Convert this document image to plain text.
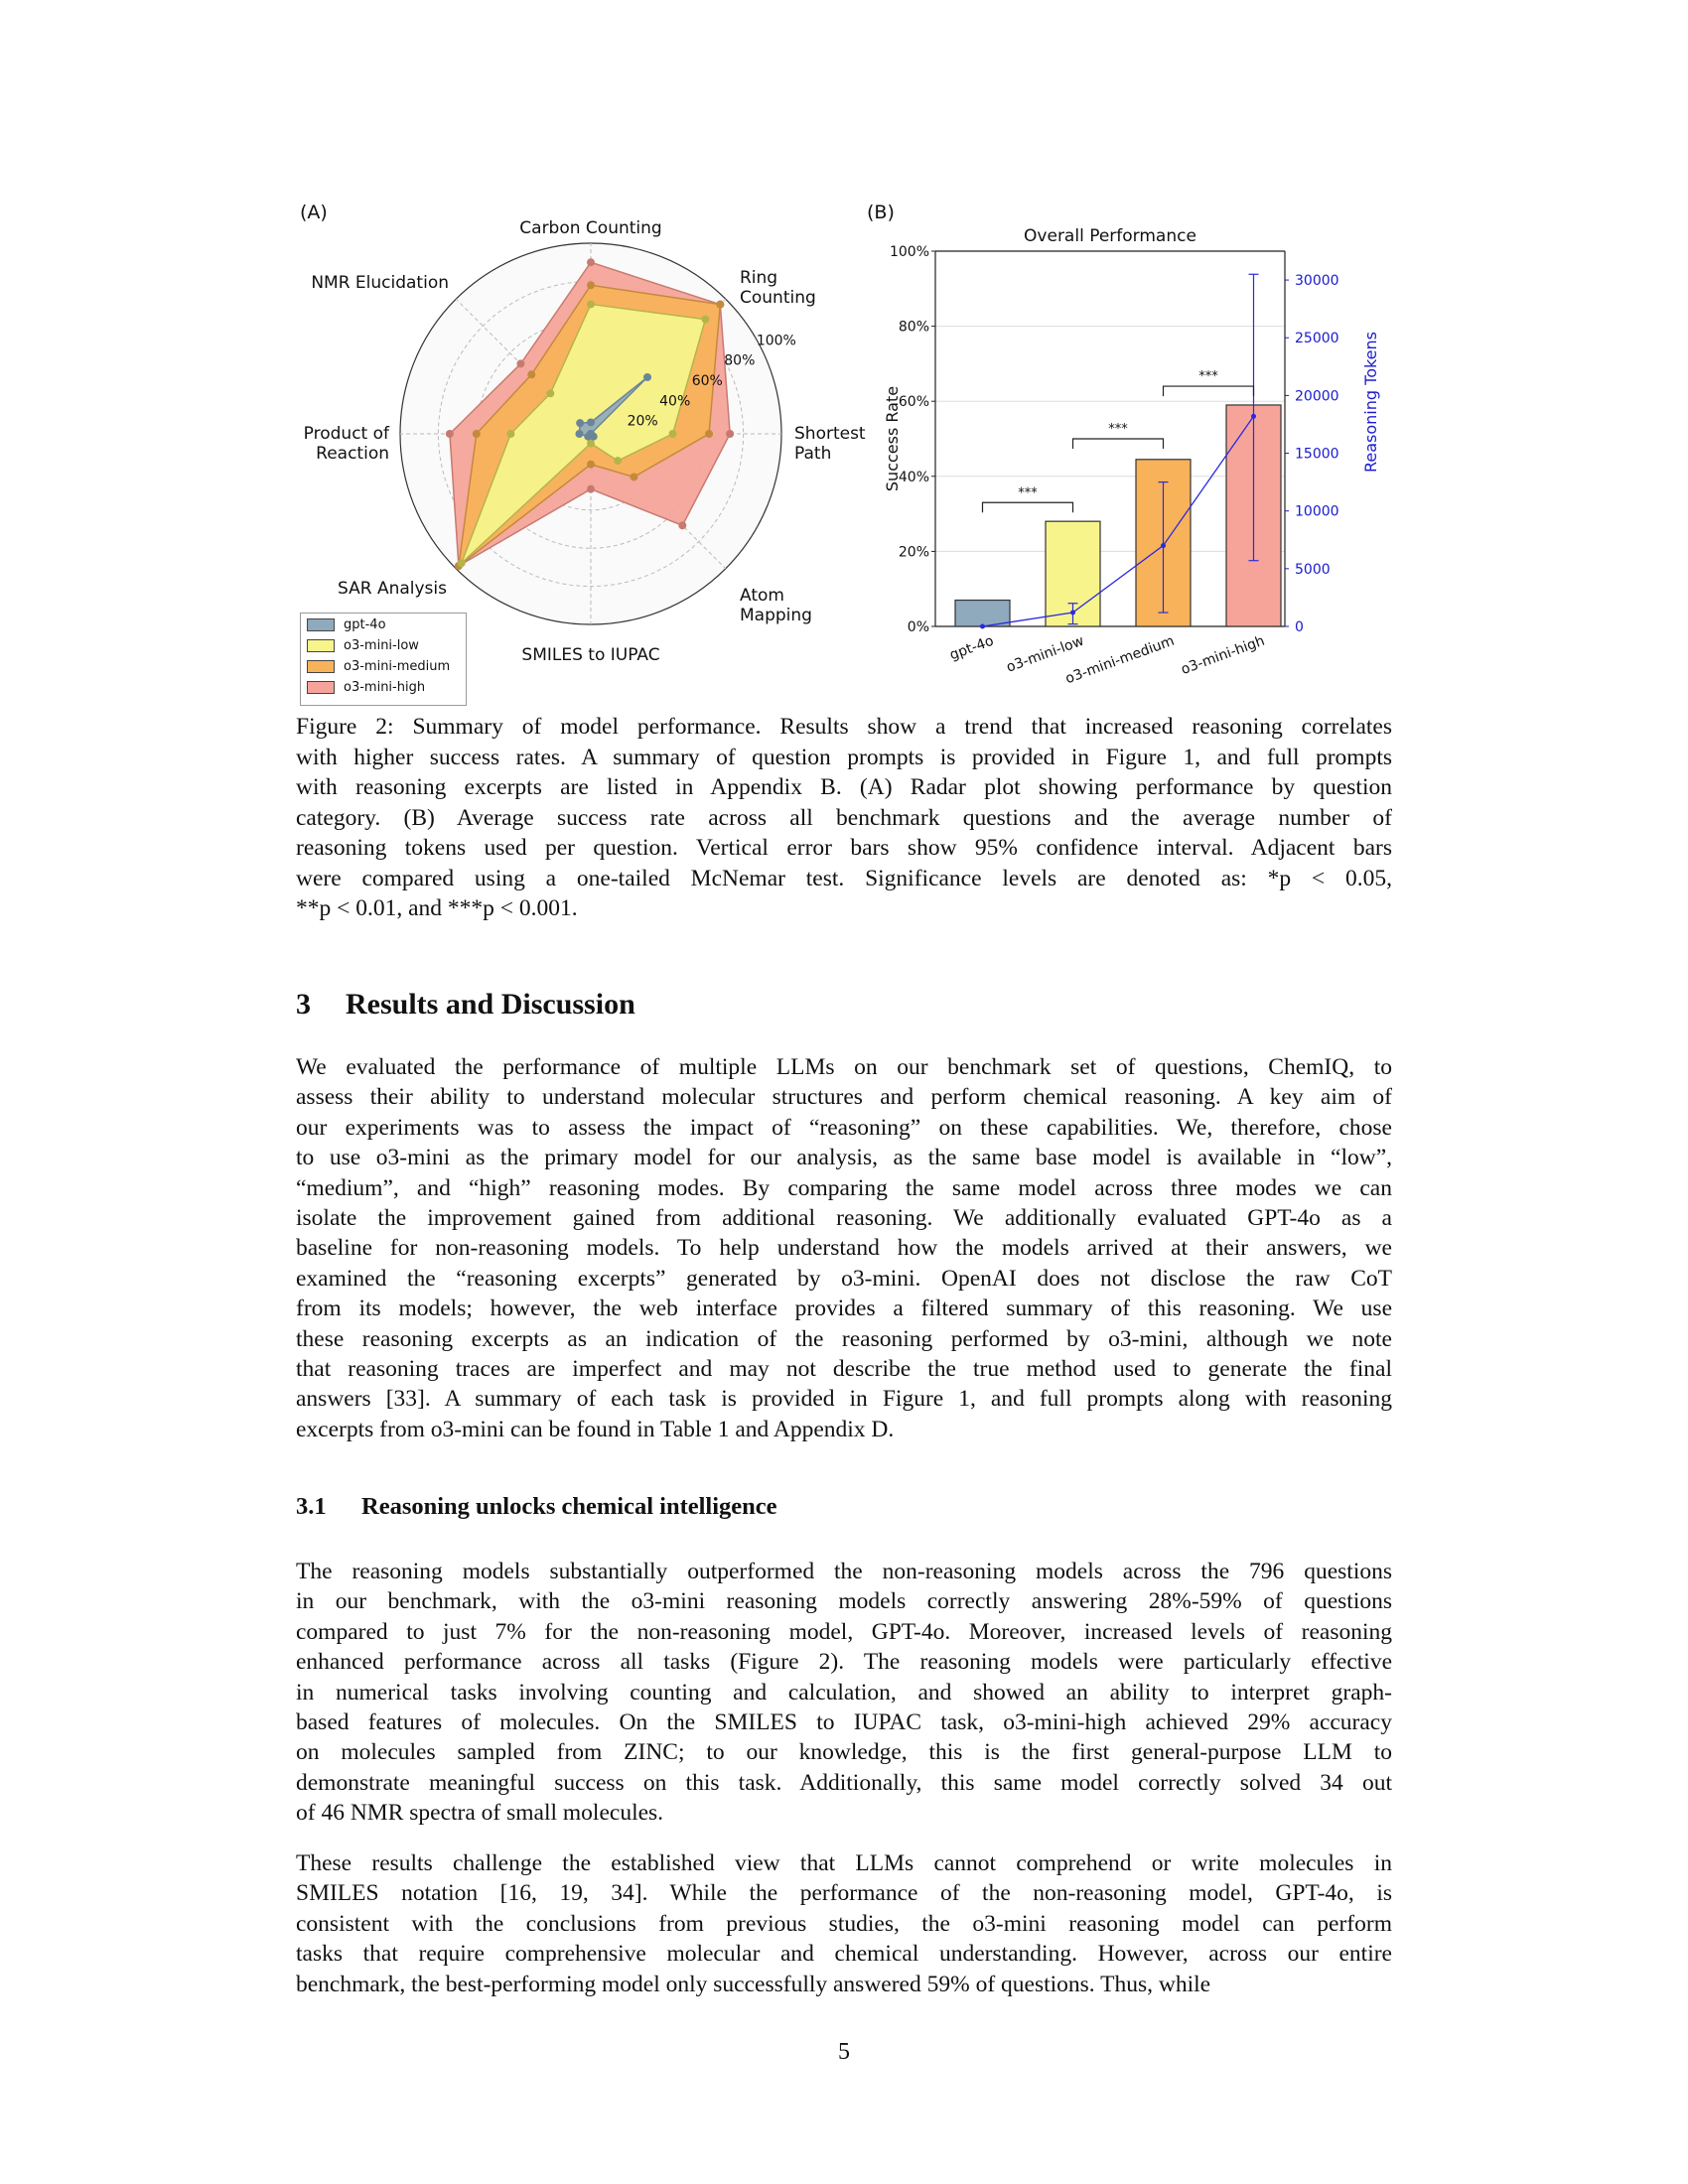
(A)	(B)
20%
40%
60%
80%
100%
Carbon Counting
Ring Counting
Shortest Path
Atom Mapping
SMILES to IUPAC
SAR Analysis
Product of Reaction
NMR Elucidation
gpt-4o
o3-mini-low
o3-mini-medium
o3-mini-high
0%
20%
40%
60%
80%
100%
0
5000
10000
15000
20000
25000
30000
Success Rate	Reasoning Tokens
Overall Performance
gpt-4o o3-mini-low
o3-mini-medium o3-mini-high
***
***
***

Figure 2: Summary of model performance. Results show a trend that increased reasoning correlates
with higher success rates. A summary of question prompts is provided in Figure 1, and full prompts
with reasoning excerpts are listed in Appendix B. (A) Radar plot showing performance by question
category. (B) Average success rate across all benchmark questions and the average number of
reasoning tokens used per question. Vertical error bars show 95% confidence interval. Adjacent bars
were compared using a one-tailed McNemar test. Significance levels are denoted as: *p < 0.05,
**p < 0.01, and ***p < 0.001.

3 Results and Discussion
We evaluated the performance of multiple LLMs on our benchmark set of questions, ChemIQ, to
assess their ability to understand molecular structures and perform chemical reasoning. A key aim of
our experiments was to assess the impact of “reasoning” on these capabilities. We, therefore, chose
to use o3-mini as the primary model for our analysis, as the same base model is available in “low”,
“medium”, and “high” reasoning modes. By comparing the same model across three modes we can
isolate the improvement gained from additional reasoning. We additionally evaluated GPT-4o as a
baseline for non-reasoning models. To help understand how the models arrived at their answers, we
examined the “reasoning excerpts” generated by o3-mini. OpenAI does not disclose the raw CoT
from its models; however, the web interface provides a filtered summary of this reasoning. We use
these reasoning excerpts as an indication of the reasoning performed by o3-mini, although we note
that reasoning traces are imperfect and may not describe the true method used to generate the final
answers [33]. A summary of each task is provided in Figure 1, and full prompts along with reasoning
excerpts from o3-mini can be found in Table 1 and Appendix D.
3.1 Reasoning unlocks chemical intelligence
The reasoning models substantially outperformed the non-reasoning models across the 796 questions
in our benchmark, with the o3-mini reasoning models correctly answering 28%-59% of questions
compared to just 7% for the non-reasoning model, GPT-4o. Moreover, increased levels of reasoning
enhanced performance across all tasks (Figure 2). The reasoning models were particularly effective
in numerical tasks involving counting and calculation, and showed an ability to interpret graph-
based features of molecules. On the SMILES to IUPAC task, o3-mini-high achieved 29% accuracy
on molecules sampled from ZINC; to our knowledge, this is the first general-purpose LLM to
demonstrate meaningful success on this task. Additionally, this same model correctly solved 34 out
of 46 NMR spectra of small molecules.
These results challenge the established view that LLMs cannot comprehend or write molecules in
SMILES notation [16, 19, 34]. While the performance of the non-reasoning model, GPT-4o, is
consistent with the conclusions from previous studies, the o3-mini reasoning model can perform
tasks that require comprehensive molecular and chemical understanding. However, across our entire
benchmark, the best-performing model only successfully answered 59% of questions. Thus, while
5
